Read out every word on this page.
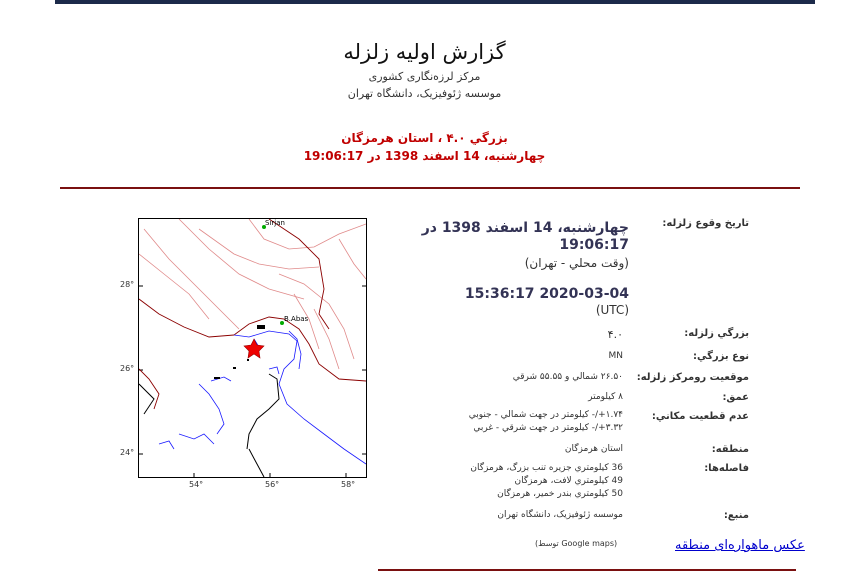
گزارش اولیه زلزله
مرکز لرزه‌نگاری کشوری
موسسه ژئوفیزیک، دانشگاه تهران
بزرگي ۴.۰ ، استان هرمزگان
چهارشنبه، 14 اسفند 1398 در 19:06:17
28°
26°
24°
54°	56°	58°
Sirjan
B.Abas
تاریخ وقوع زلزله:
چهارشنبه، 14 اسفند 1398 در
19:06:17
(وقت محلي - تهران)
2020-03-04 15:36:17
(UTC)
بزرگي زلزله:
۴.۰
نوع بزرگي:
MN
موقعیت رومرکز زلزله:
۲۶.۵۰ شمالي و ۵۵.۵۵ شرقي
عمق:
۸ کیلومتر
عدم قطعیت مکاني:
۱.۷۴+/- کیلومتر در جهت شمالي - جنوبي
۳.۳۲+/- کیلومتر در جهت شرقي - غربي
منطقه:
استان هرمزگان
فاصله‌ها:
36 کیلومتري جزیره تنب بزرگ، هرمزگان
49 کیلومتري لافت، هرمزگان
50 کیلومتري بندر خمیر، هرمزگان
منبع:
موسسه ژئوفیزیک، دانشگاه تهران
(توسط Google maps)	عکس ماهواره‌ای منطقه
